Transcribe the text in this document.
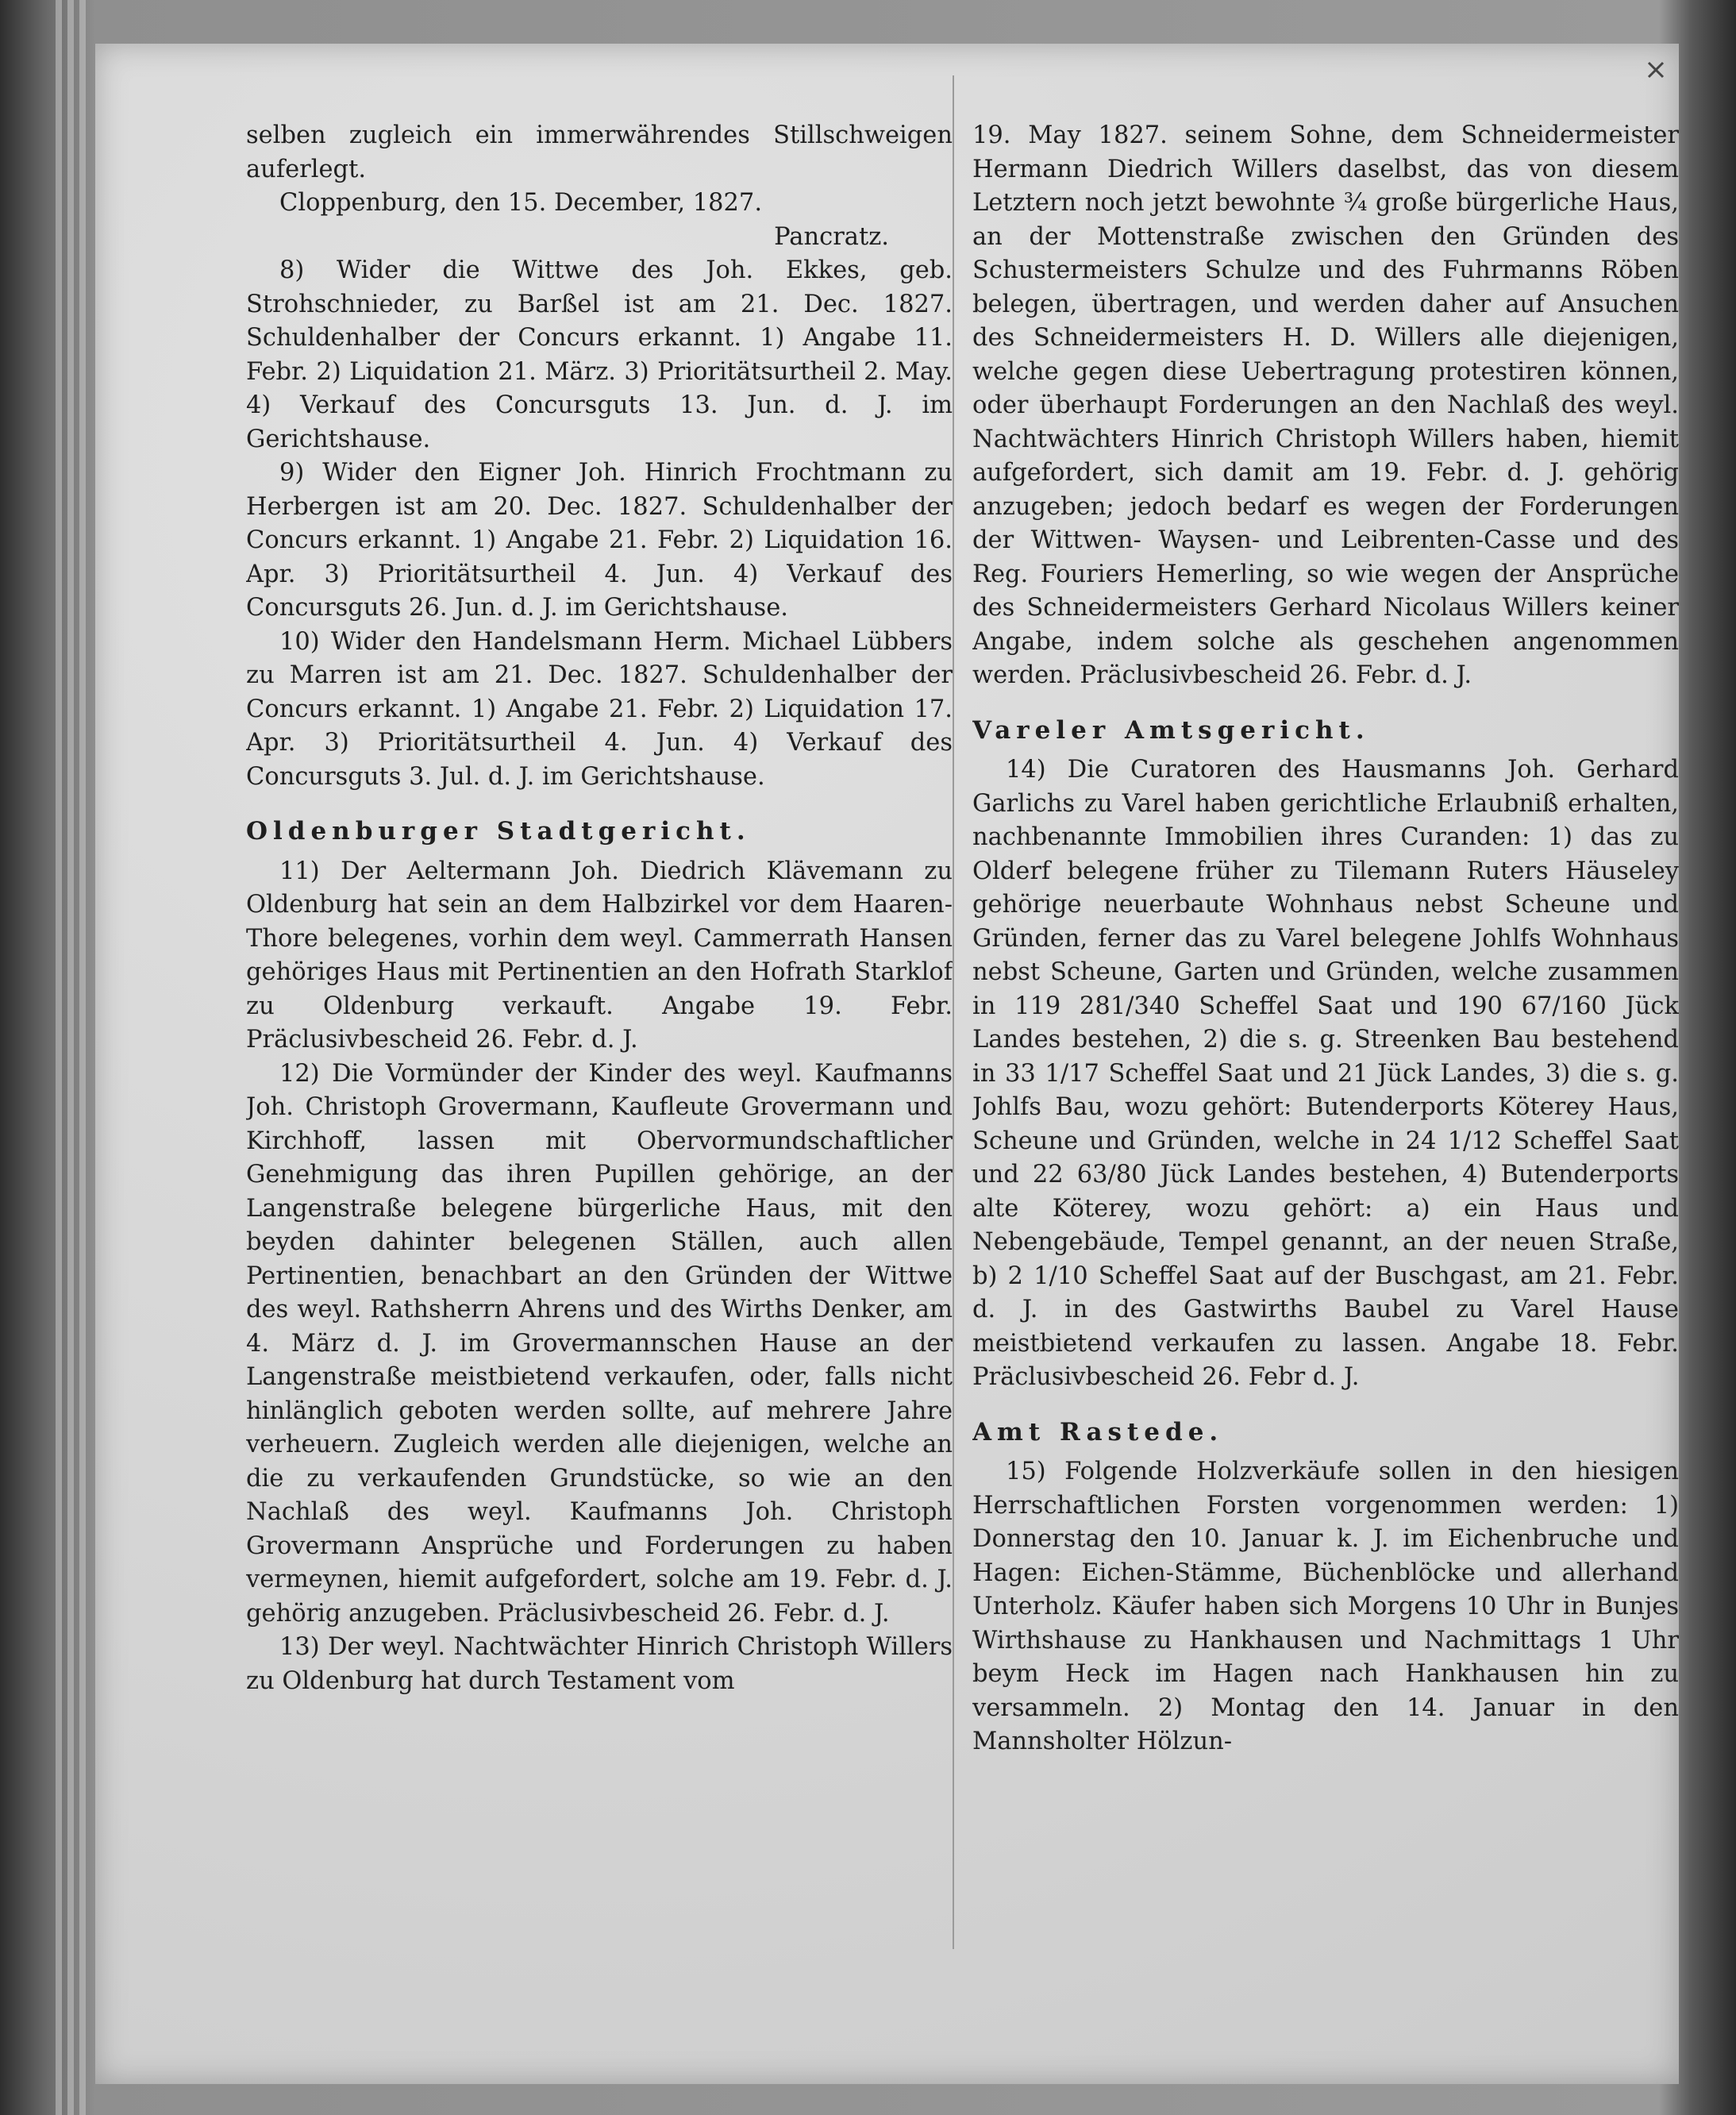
selben zugleich ein immerwährendes Stillschweigen auferlegt.

Cloppenburg, den 15. December, 1827.

Pancratz.

8) Wider die Wittwe des Joh. Ekkes, geb. Strohschnieder, zu Barßel ist am 21. Dec. 1827. Schuldenhalber der Concurs erkannt. 1) Angabe 11. Febr. 2) Liquidation 21. März. 3) Prioritätsurtheil 2. May. 4) Verkauf des Concursguts 13. Jun. d. J. im Gerichtshause.

9) Wider den Eigner Joh. Hinrich Frochtmann zu Herbergen ist am 20. Dec. 1827. Schuldenhalber der Concurs erkannt. 1) Angabe 21. Febr. 2) Liquidation 16. Apr. 3) Prioritätsurtheil 4. Jun. 4) Verkauf des Concursguts 26. Jun. d. J. im Gerichtshause.

10) Wider den Handelsmann Herm. Michael Lübbers zu Marren ist am 21. Dec. 1827. Schuldenhalber der Concurs erkannt. 1) Angabe 21. Febr. 2) Liquidation 17. Apr. 3) Prioritätsurtheil 4. Jun. 4) Verkauf des Concursguts 3. Jul. d. J. im Gerichtshause.

Oldenburger Stadtgericht.

11) Der Aeltermann Joh. Diedrich Klävemann zu Oldenburg hat sein an dem Halbzirkel vor dem Haaren-Thore belegenes, vorhin dem weyl. Cammerrath Hansen gehöriges Haus mit Pertinentien an den Hofrath Starklof zu Oldenburg verkauft. Angabe 19. Febr. Präclusivbescheid 26. Febr. d. J.

12) Die Vormünder der Kinder des weyl. Kaufmanns Joh. Christoph Grovermann, Kaufleute Grovermann und Kirchhoff, lassen mit Obervormundschaftlicher Genehmigung das ihren Pupillen gehörige, an der Langenstraße belegene bürgerliche Haus, mit den beyden dahinter belegenen Ställen, auch allen Pertinentien, benachbart an den Gründen der Wittwe des weyl. Rathsherrn Ahrens und des Wirths Denker, am 4. März d. J. im Grovermannschen Hause an der Langenstraße meistbietend verkaufen, oder, falls nicht hinlänglich geboten werden sollte, auf mehrere Jahre verheuern. Zugleich werden alle diejenigen, welche an die zu verkaufenden Grundstücke, so wie an den Nachlaß des weyl. Kaufmanns Joh. Christoph Grovermann Ansprüche und Forderungen zu haben vermeynen, hiemit aufgefordert, solche am 19. Febr. d. J. gehörig anzugeben. Präclusivbescheid 26. Febr. d. J.

13) Der weyl. Nachtwächter Hinrich Christoph Willers zu Oldenburg hat durch Testament vom

19. May 1827. seinem Sohne, dem Schneidermeister Hermann Diedrich Willers daselbst, das von diesem Letztern noch jetzt bewohnte ¾ große bürgerliche Haus, an der Mottenstraße zwischen den Gründen des Schustermeisters Schulze und des Fuhrmanns Röben belegen, übertragen, und werden daher auf Ansuchen des Schneidermeisters H. D. Willers alle diejenigen, welche gegen diese Uebertragung protestiren können, oder überhaupt Forderungen an den Nachlaß des weyl. Nachtwächters Hinrich Christoph Willers haben, hiemit aufgefordert, sich damit am 19. Febr. d. J. gehörig anzugeben; jedoch bedarf es wegen der Forderungen der Wittwen- Waysen- und Leibrenten-Casse und des Reg. Fouriers Hemerling, so wie wegen der Ansprüche des Schneidermeisters Gerhard Nicolaus Willers keiner Angabe, indem solche als geschehen angenommen werden. Präclusivbescheid 26. Febr. d. J.

Vareler Amtsgericht.

14) Die Curatoren des Hausmanns Joh. Gerhard Garlichs zu Varel haben gerichtliche Erlaubniß erhalten, nachbenannte Immobilien ihres Curanden: 1) das zu Olderf belegene früher zu Tilemann Ruters Häuseley gehörige neuerbaute Wohnhaus nebst Scheune und Gründen, ferner das zu Varel belegene Johlfs Wohnhaus nebst Scheune, Garten und Gründen, welche zusammen in 119 281/340 Scheffel Saat und 190 67/160 Jück Landes bestehen, 2) die s. g. Streenken Bau bestehend in 33 1/17 Scheffel Saat und 21 Jück Landes, 3) die s. g. Johlfs Bau, wozu gehört: Butenderports Köterey Haus, Scheune und Gründen, welche in 24 1/12 Scheffel Saat und 22 63/80 Jück Landes bestehen, 4) Butenderports alte Köterey, wozu gehört: a) ein Haus und Nebengebäude, Tempel genannt, an der neuen Straße, b) 2 1/10 Scheffel Saat auf der Buschgast, am 21. Febr. d. J. in des Gastwirths Baubel zu Varel Hause meistbietend verkaufen zu lassen. Angabe 18. Febr. Präclusivbescheid 26. Febr d. J.

Amt Rastede.

15) Folgende Holzverkäufe sollen in den hiesigen Herrschaftlichen Forsten vorgenommen werden: 1) Donnerstag den 10. Januar k. J. im Eichenbruche und Hagen: Eichen-Stämme, Büchenblöcke und allerhand Unterholz. Käufer haben sich Morgens 10 Uhr in Bunjes Wirthshause zu Hankhausen und Nachmittags 1 Uhr beym Heck im Hagen nach Hankhausen hin zu versammeln. 2) Montag den 14. Januar in den Mannsholter Hölzun-
